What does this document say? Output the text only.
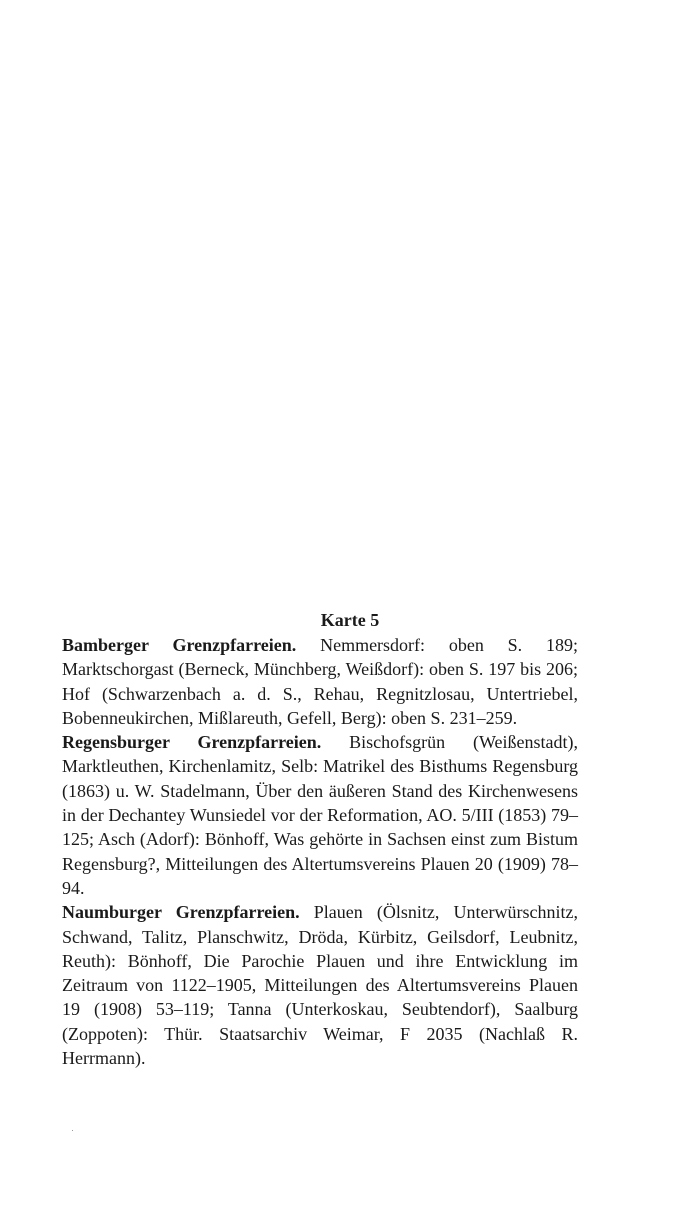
Karte 5

Bamberger Grenzpfarreien. Nemmersdorf: oben S. 189; Marktschorgast (Berneck, Münchberg, Weißdorf): oben S. 197 bis 206; Hof (Schwarzenbach a. d. S., Rehau, Regnitzlosau, Untertriebel, Bobenneukirchen, Mißlareuth, Gefell, Berg): oben S. 231–259.

Regensburger Grenzpfarreien. Bischofsgrün (Weißenstadt), Marktleuthen, Kirchenlamitz, Selb: Matrikel des Bisthums Regensburg (1863) u. W. Stadelmann, Über den äußeren Stand des Kirchenwesens in der Dechantey Wunsiedel vor der Reformation, AO. 5/III (1853) 79–125; Asch (Adorf): Bönhoff, Was gehörte in Sachsen einst zum Bistum Regensburg?, Mitteilungen des Altertumsvereins Plauen 20 (1909) 78–94.

Naumburger Grenzpfarreien. Plauen (Ölsnitz, Unterwürschnitz, Schwand, Talitz, Planschwitz, Dröda, Kürbitz, Geilsdorf, Leubnitz, Reuth): Bönhoff, Die Parochie Plauen und ihre Entwicklung im Zeitraum von 1122–1905, Mitteilungen des Altertumsvereins Plauen 19 (1908) 53–119; Tanna (Unterkoskau, Seubtendorf), Saalburg (Zoppoten): Thür. Staatsarchiv Weimar, F 2035 (Nachlaß R. Herrmann).
